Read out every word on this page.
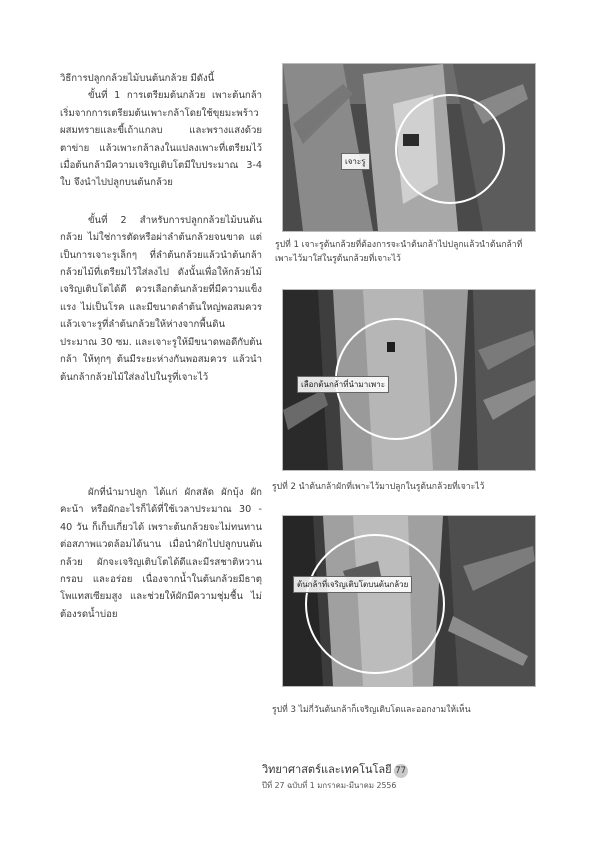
วิธีการปลูกกล้วยไม้บนต้นกล้วย มีดังนี้

ขั้นที่ 1 การเตรียมต้นกล้วย เพาะต้นกล้า เริ่มจากการเตรียมต้นเพาะกล้าโดยใช้ขุยมะพร้าวผสมทรายและขี้เถ้าแกลบ และพรางแสงด้วยตาข่าย แล้วเพาะกล้าลงในแปลงเพาะที่เตรียมไว้ เมื่อต้นกล้ามีความเจริญเติบโตมีใบประมาณ 3-4 ใบ จึงนำไปปลูกบนต้นกล้วย

ขั้นที่ 2 สำหรับการปลูกกล้วยไม้บนต้นกล้วย ไม่ใช่การตัดหรือผ่าลำต้นกล้วยจนขาด แต่เป็นการเจาะรูเล็กๆ ที่ลำต้นกล้วยแล้วนำต้นกล้ากล้วยไม้ที่เตรียมไว้ใส่ลงไป ดังนั้นเพื่อให้กล้วยไม้เจริญเติบโตได้ดี ควรเลือกต้นกล้วยที่มีความแข็งแรง ไม่เป็นโรค และมีขนาดลำต้นใหญ่พอสมควร แล้วเจาะรูที่ลำต้นกล้วยให้ห่างจากพื้นดินประมาณ 30 ซม. และเจาะรูให้มีขนาดพอดีกับต้นกล้า ให้ทุกๆ ต้นมีระยะห่างกันพอสมควร แล้วนำต้นกล้ากล้วยไม้ใส่ลงไปในรูที่เจาะไว้

ผักที่นำมาปลูก ได้แก่ ผักสลัด ผักบุ้ง ผักคะน้า หรือผักอะไรก็ได้ที่ใช้เวลาประมาณ 30 - 40 วัน ก็เก็บเกี่ยวได้ เพราะต้นกล้วยจะไม่ทนทานต่อสภาพแวดล้อมได้นาน เมื่อนำผักไปปลูกบนต้นกล้วย ผักจะเจริญเติบโตได้ดีและมีรสชาติหวาน กรอบ และอร่อย เนื่องจากน้ำในต้นกล้วยมีธาตุโพแทสเซียมสูง และช่วยให้ผักมีความชุ่มชื้น ไม่ต้องรดน้ำบ่อย

เจาะรู
รูปที่ 1 เจาะรูต้นกล้วยที่ต้องการจะนำต้นกล้าไปปลูกแล้วนำต้นกล้าที่เพาะไว้มาใส่ในรูต้นกล้วยที่เจาะไว้
เลือกต้นกล้าที่นำมาเพาะ
รูปที่ 2 นำต้นกล้าผักที่เพาะไว้มาปลูกในรูต้นกล้วยที่เจาะไว้
ต้นกล้าที่เจริญเติบโตบนต้นกล้วย
รูปที่ 3 ไม่กี่วันต้นกล้าก็เจริญเติบโตและออกงามให้เห็น
วิทยาศาสตร์และเทคโนโลยี 77
ปีที่ 27 ฉบับที่ 1 มกราคม-มีนาคม 2556
